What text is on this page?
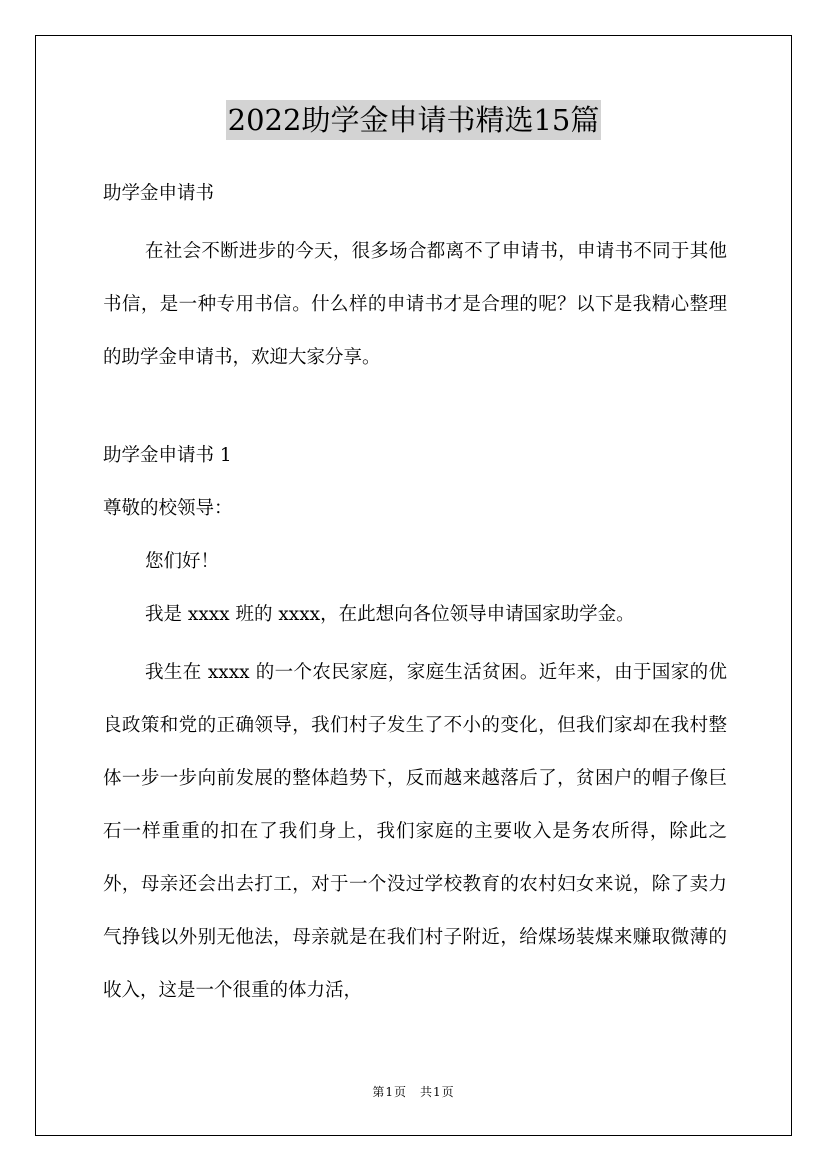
2022助学金申请书精选15篇
助学金申请书
在社会不断进步的今天，很多场合都离不了申请书，申请书不同于其他书信，是一种专用书信。什么样的申请书才是合理的呢？以下是我精心整理的助学金申请书，欢迎大家分享。
助学金申请书 1
尊敬的校领导：
您们好！
我是 xxxx 班的 xxxx，在此想向各位领导申请国家助学金。
我生在 xxxx 的一个农民家庭，家庭生活贫困。近年来，由于国家的优良政策和党的正确领导，我们村子发生了不小的变化，但我们家却在我村整体一步一步向前发展的整体趋势下，反而越来越落后了，贫困户的帽子像巨石一样重重的扣在了我们身上，我们家庭的主要收入是务农所得，除此之外，母亲还会出去打工，对于一个没过学校教育的农村妇女来说，除了卖力气挣钱以外别无他法，母亲就是在我们村子附近，给煤场装煤来赚取微薄的收入，这是一个很重的体力活，
第1页　共1页
